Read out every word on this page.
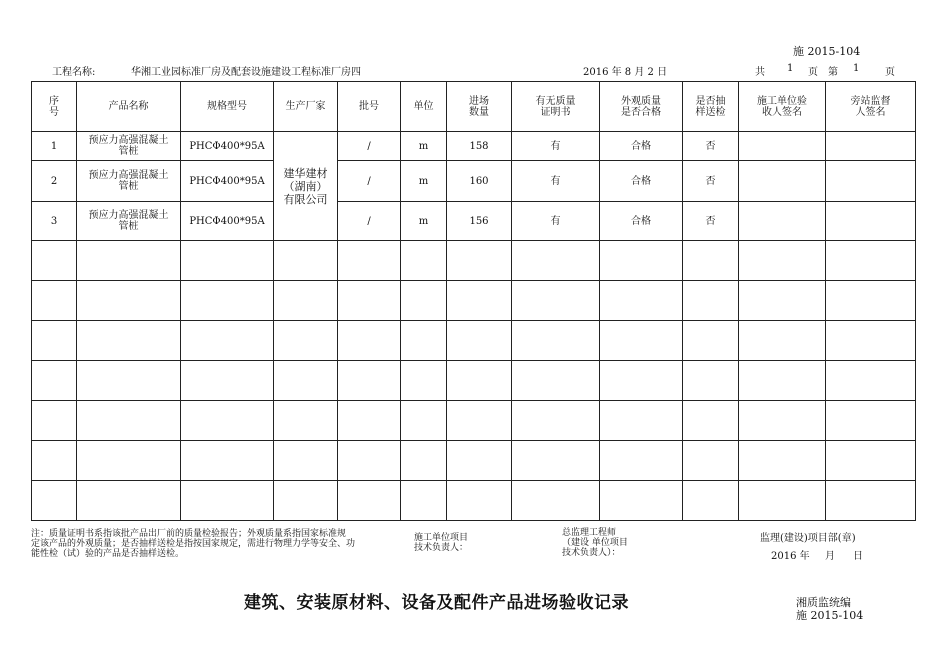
施 2015-104
工程名称:	华湘工业园标准厂房及配套设施建设工程标准厂房四	2016 年 8 月 2 日	共 1 页 第 1	页
序号	产品名称	规格型号	生产厂家	批号	单位	进场数量	有无质量证明书	外观质量是否合格	是否抽样送检	施工单位验收人签名	旁站监督人签名
1	预应力高强混凝土管桩	PHCΦ400*95A	建华建材（湖南）有限公司	/	m	158	有	合格	否		
2	预应力高强混凝土管桩	PHCΦ400*95A		/	m	160	有	合格	否		
3	预应力高强混凝土管桩	PHCΦ400*95A		/	m	156	有	合格	否		

注：质量证明书系指该批产品出厂前的质量检验报告；外观质量系指国家标准规
定该产品的外观质量；是否抽样送检是指按国家规定，需进行物理力学等安全、功
能性检（试）验的产品是否抽样送检。
施工单位项目
技术负责人：
总监理工程师
（建设 单位项目
技术负责人）：
监理(建设)项目部(章)
2016 年 月 日
建筑、安装原材料、设备及配件产品进场验收记录	湘质监统编
施 2015-104
